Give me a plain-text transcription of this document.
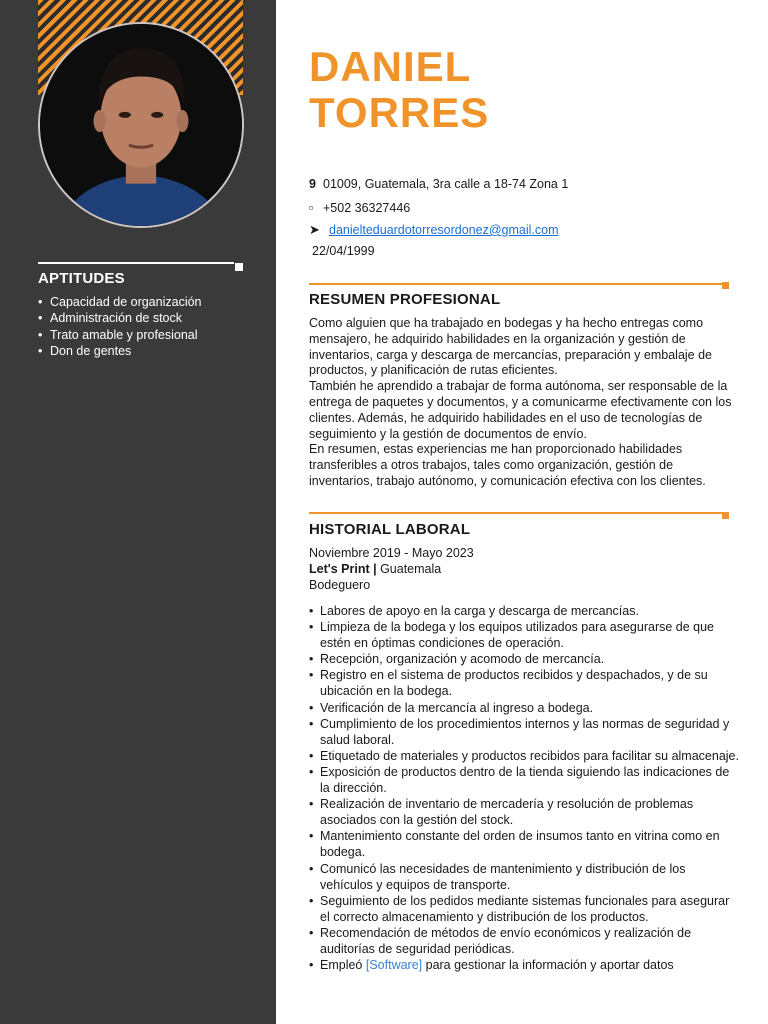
APTITUDES
• Capacidad de organización
• Administración de stock
• Trato amable y profesional
• Don de gentes
DANIEL
TORRES
9 01009, Guatemala, 3ra calle a 18-74 Zona 1
▫ +502 36327446
➤ danielteduardotorresordonez@gmail.com
22/04/1999
RESUMEN PROFESIONAL
Como alguien que ha trabajado en bodegas y ha hecho entregas como mensajero, he adquirido habilidades en la organización y gestión de inventarios, carga y descarga de mercancías, preparación y embalaje de productos, y planificación de rutas eficientes.
También he aprendido a trabajar de forma autónoma, ser responsable de la entrega de paquetes y documentos, y a comunicarme efectivamente con los clientes. Además, he adquirido habilidades en el uso de tecnologías de seguimiento y la gestión de documentos de envío.
En resumen, estas experiencias me han proporcionado habilidades transferibles a otros trabajos, tales como organización, gestión de inventarios, trabajo autónomo, y comunicación efectiva con los clientes.
HISTORIAL LABORAL
Noviembre 2019 - Mayo 2023
Let's Print | Guatemala
Bodeguero
• Labores de apoyo en la carga y descarga de mercancías.
• Limpieza de la bodega y los equipos utilizados para asegurarse de que estén en óptimas condiciones de operación.
• Recepción, organización y acomodo de mercancía.
• Registro en el sistema de productos recibidos y despachados, y de su ubicación en la bodega.
• Verificación de la mercancía al ingreso a bodega.
• Cumplimiento de los procedimientos internos y las normas de seguridad y salud laboral.
• Etiquetado de materiales y productos recibidos para facilitar su almacenaje.
• Exposición de productos dentro de la tienda siguiendo las indicaciones de la dirección.
• Realización de inventario de mercadería y resolución de problemas asociados con la gestión del stock.
• Mantenimiento constante del orden de insumos tanto en vitrina como en bodega.
• Comunicó las necesidades de mantenimiento y distribución de los vehículos y equipos de transporte.
• Seguimiento de los pedidos mediante sistemas funcionales para asegurar el correcto almacenamiento y distribución de los productos.
• Recomendación de métodos de envío económicos y realización de auditorías de seguridad periódicas.
• Empleó [Software] para gestionar la información y aportar datos
